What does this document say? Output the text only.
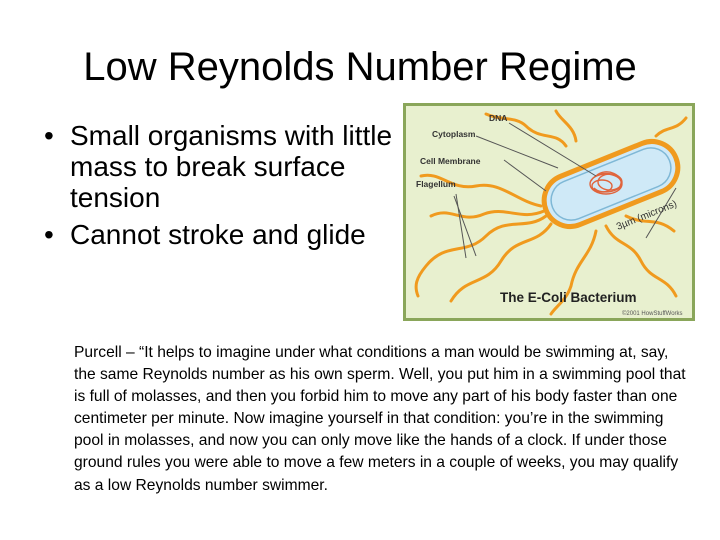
Low Reynolds Number Regime
• Small organisms with little mass to break surface tension
• Cannot stroke and glide
DNA
Cytoplasm
Cell Membrane
Flagellum
3µm (microns)
The E-Coli Bacterium
©2001 HowStuffWorks
Purcell – “It helps to imagine under what conditions a man would be swimming at, say, the same Reynolds number as his own sperm. Well, you put him in a swimming pool that is full of molasses, and then you forbid him to move any part of his body faster than one centimeter per minute. Now imagine yourself in that condition: you’re in the swimming pool in molasses, and now you can only move like the hands of a clock. If under those ground rules you were able to move a few meters in a couple of weeks, you may qualify as a low Reynolds number swimmer.
